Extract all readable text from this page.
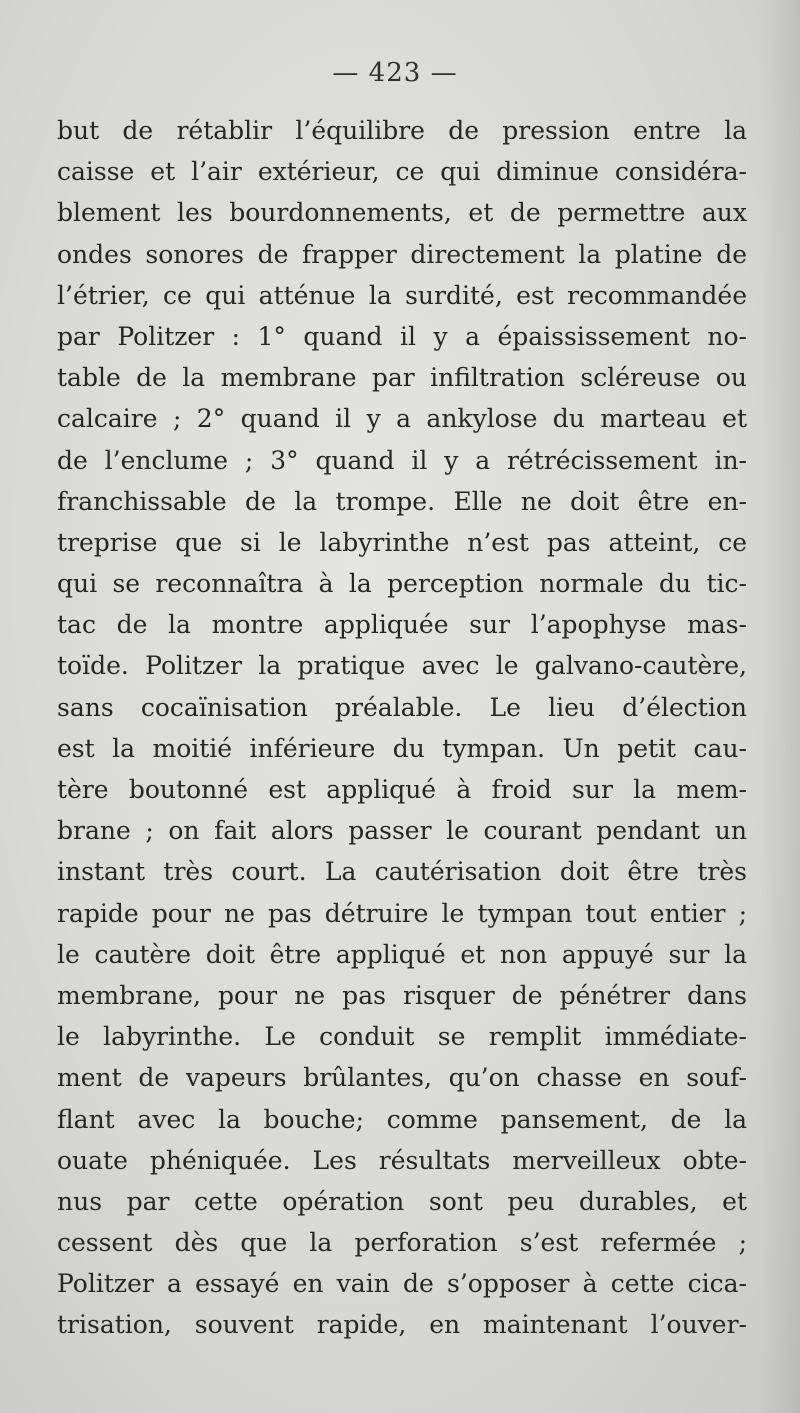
— 423 —
but de rétablir l’équilibre de pression entre la
caisse et l’air extérieur, ce qui diminue considéra-
blement les bourdonnements, et de permettre aux
ondes sonores de frapper directement la platine de
l’étrier, ce qui atténue la surdité, est recommandée
par Politzer : 1° quand il y a épaississement no-
table de la membrane par infiltration scléreuse ou
calcaire ; 2° quand il y a ankylose du marteau et
de l’enclume ; 3° quand il y a rétrécissement in-
franchissable de la trompe. Elle ne doit être en-
treprise que si le labyrinthe n’est pas atteint, ce
qui se reconnaîtra à la perception normale du tic-
tac de la montre appliquée sur l’apophyse mas-
toïde. Politzer la pratique avec le galvano-cautère,
sans cocaïnisation préalable. Le lieu d’élection
est la moitié inférieure du tympan. Un petit cau-
tère boutonné est appliqué à froid sur la mem-
brane ; on fait alors passer le courant pendant un
instant très court. La cautérisation doit être très
rapide pour ne pas détruire le tympan tout entier ;
le cautère doit être appliqué et non appuyé sur la
membrane, pour ne pas risquer de pénétrer dans
le labyrinthe. Le conduit se remplit immédiate-
ment de vapeurs brûlantes, qu’on chasse en souf-
flant avec la bouche; comme pansement, de la
ouate phéniquée. Les résultats merveilleux obte-
nus par cette opération sont peu durables, et
cessent dès que la perforation s’est refermée ;
Politzer a essayé en vain de s’opposer à cette cica-
trisation, souvent rapide, en maintenant l’ouver-
